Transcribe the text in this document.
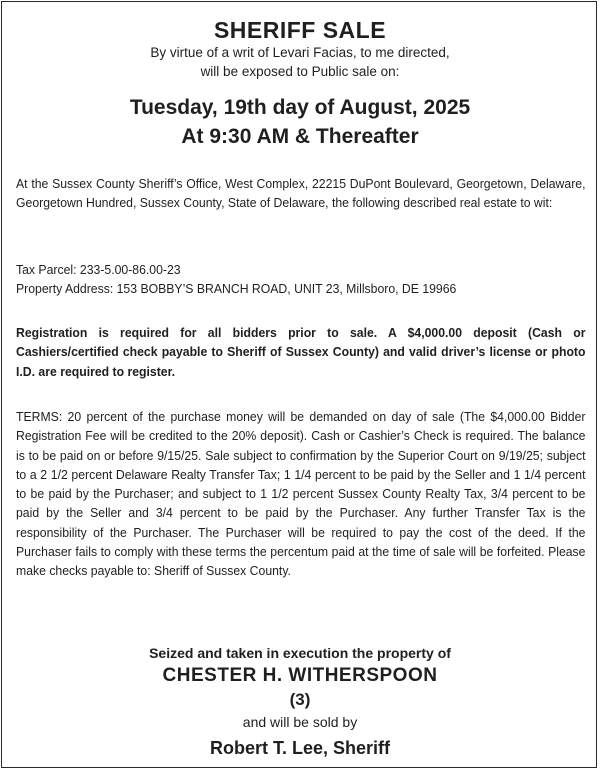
SHERIFF SALE
By virtue of a writ of Levari Facias, to me directed,
will be exposed to Public sale on:
Tuesday, 19th day of August, 2025
At 9:30 AM & Thereafter
At the Sussex County Sheriff’s Office, West Complex, 22215 DuPont Boulevard, Georgetown, Delaware, Georgetown Hundred, Sussex County, State of Delaware, the following described real estate to wit:
Tax Parcel: 233-5.00-86.00-23
Property Address: 153 BOBBY’S BRANCH ROAD, UNIT 23, Millsboro, DE 19966
Registration is required for all bidders prior to sale. A $4,000.00 deposit (Cash or Cashiers/certified check payable to Sheriff of Sussex County) and valid driver’s license or photo I.D. are required to register.
TERMS: 20 percent of the purchase money will be demanded on day of sale (The $4,000.00 Bidder Registration Fee will be credited to the 20% deposit). Cash or Cashier’s Check is required. The balance is to be paid on or before 9/15/25. Sale subject to confirmation by the Superior Court on 9/19/25; subject to a 2 1/2 percent Delaware Realty Transfer Tax; 1 1/4 percent to be paid by the Seller and 1 1/4 percent to be paid by the Purchaser; and subject to 1 1/2 percent Sussex County Realty Tax, 3/4 percent to be paid by the Seller and 3/4 percent to be paid by the Purchaser. Any further Transfer Tax is the responsibility of the Purchaser. The Purchaser will be required to pay the cost of the deed. If the Purchaser fails to comply with these terms the percentum paid at the time of sale will be forfeited. Please make checks payable to: Sheriff of Sussex County.
Seized and taken in execution the property of
CHESTER H. WITHERSPOON
(3)
and will be sold by
Robert T. Lee, Sheriff
